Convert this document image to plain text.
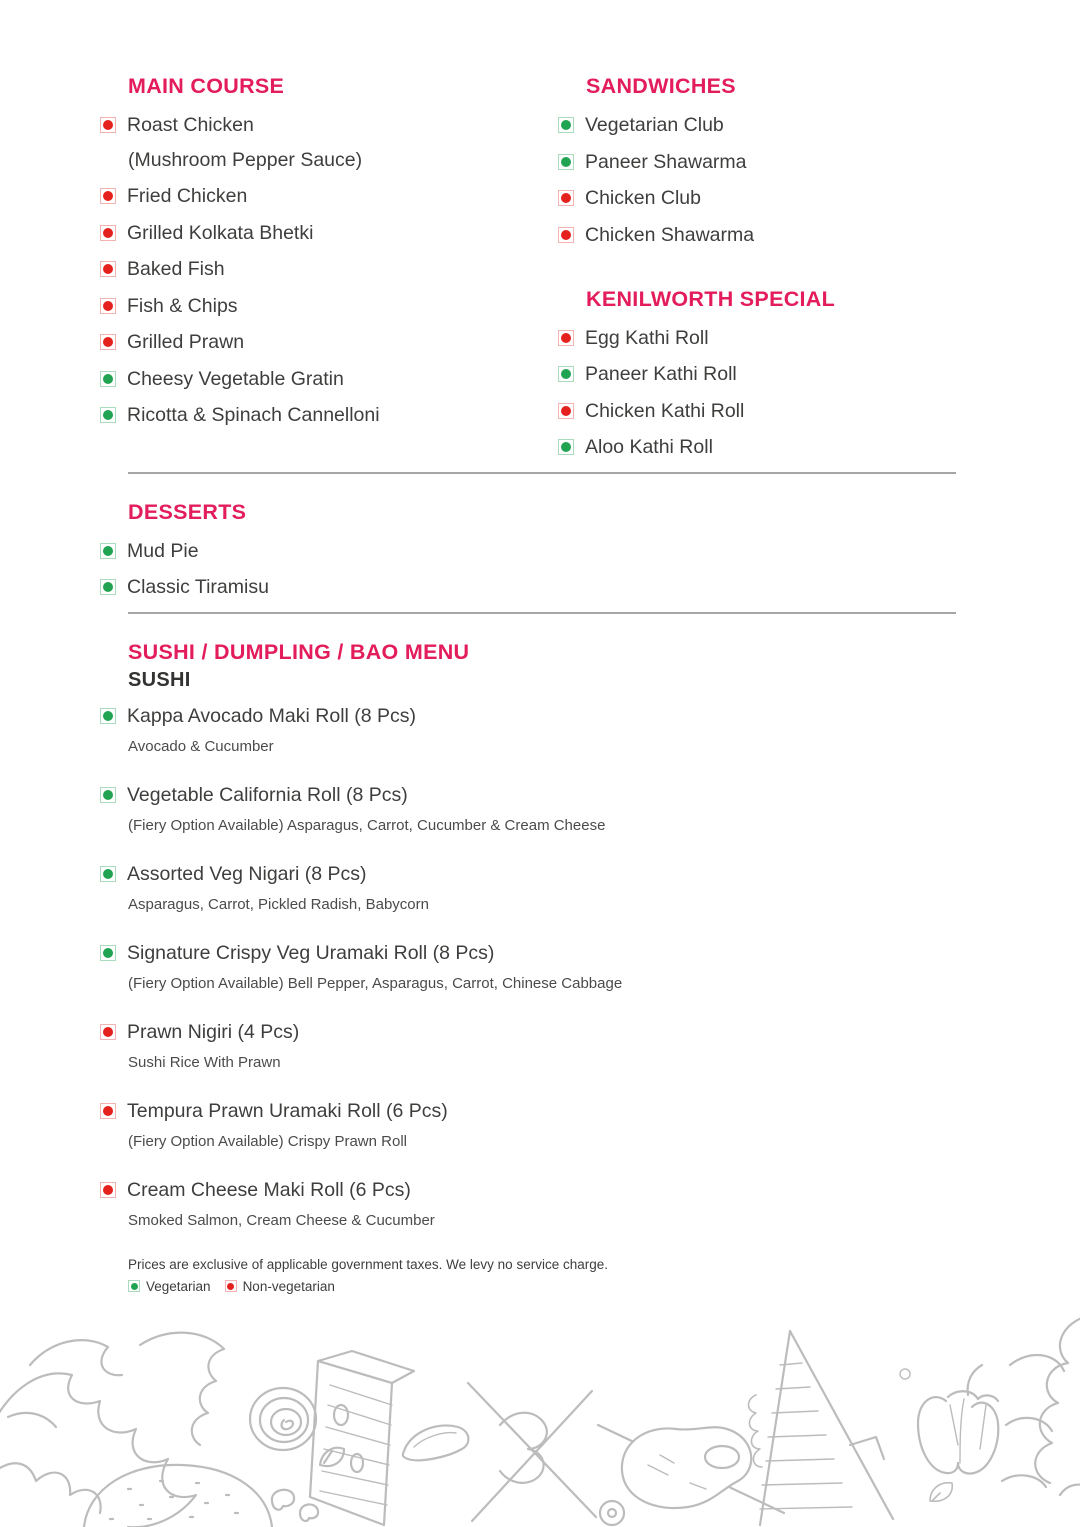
MAIN COURSE
Roast Chicken
(Mushroom Pepper Sauce)
Fried Chicken
Grilled Kolkata Bhetki
Baked Fish
Fish & Chips
Grilled Prawn
Cheesy Vegetable Gratin
Ricotta & Spinach Cannelloni
SANDWICHES
Vegetarian Club
Paneer Shawarma
Chicken Club
Chicken Shawarma
KENILWORTH SPECIAL
Egg Kathi Roll
Paneer Kathi Roll
Chicken Kathi Roll
Aloo Kathi Roll
DESSERTS
Mud Pie
Classic Tiramisu
SUSHI / DUMPLING / BAO MENU
SUSHI
Kappa Avocado Maki Roll (8 Pcs)
Avocado & Cucumber
Vegetable California Roll (8 Pcs)
(Fiery Option Available) Asparagus, Carrot, Cucumber & Cream Cheese
Assorted Veg Nigari (8 Pcs)
Asparagus, Carrot, Pickled Radish, Babycorn
Signature Crispy Veg Uramaki Roll (8 Pcs)
(Fiery Option Available) Bell Pepper, Asparagus, Carrot, Chinese Cabbage
Prawn Nigiri (4 Pcs)
Sushi Rice With Prawn
Tempura Prawn Uramaki Roll (6 Pcs)
(Fiery Option Available) Crispy Prawn Roll
Cream Cheese Maki Roll (6 Pcs)
Smoked Salmon, Cream Cheese & Cucumber
Prices are exclusive of applicable government taxes. We levy no service charge.
Vegetarian Non-vegetarian
